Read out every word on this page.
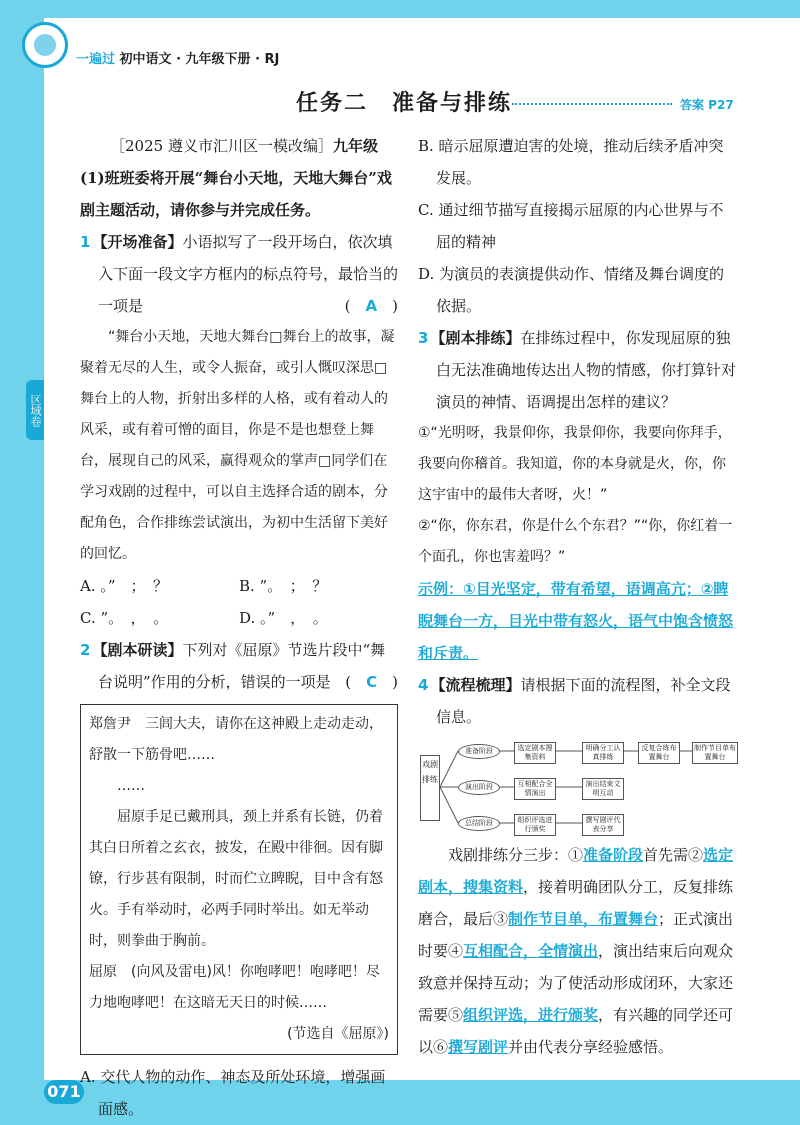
一遍过 初中语文 · 九年级下册 · RJ
区域卷
任务二　准备与排练	答案 P27

［2025 遵义市汇川区一模改编］九年级(1)班班委将开展“舞台小天地，天地大舞台”戏剧主题活动，请你参与并完成任务。

1 【开场准备】小语拟写了一段开场白，依次填入下面一段文字方框内的标点符号，最恰当的一项是	(　A　)

“舞台小天地，天地大舞台□舞台上的故事，凝聚着无尽的人生，或令人振奋，或引人慨叹深思□舞台上的人物，折射出多样的人格，或有着动人的风采，或有着可憎的面目，你是不是也想登上舞台，展现自己的风采，赢得观众的掌声□同学们在学习戏剧的过程中，可以自主选择合适的剧本，分配角色，合作排练尝试演出，为初中生活留下美好的回忆。

A. 。”　；　？	B. ”。　；　？
C. ”。　，　。	D. 。”　，　。

2 【剧本研读】下列对《屈原》节选片段中“舞台说明”作用的分析，错误的一项是 (　C　)

郑詹尹　三闾大夫，请你在这神殿上走动走动，舒散一下筋骨吧……

……

屈原手足已戴刑具，颈上并系有长链，仍着其白日所着之玄衣，披发，在殿中徘徊。因有脚镣，行步甚有限制，时而伫立睥睨，目中含有怒火。手有举动时，必两手同时举出。如无举动时，则拳曲于胸前。

屈原　(向风及雷电)风！你咆哮吧！咆哮吧！尽力地咆哮吧！在这暗无天日的时候……

(节选自《屈原》)

A. 交代人物的动作、神态及所处环境，增强画面感。

B. 暗示屈原遭迫害的处境，推动后续矛盾冲突发展。

C. 通过细节描写直接揭示屈原的内心世界与不屈的精神

D. 为演员的表演提供动作、情绪及舞台调度的依据。

3 【剧本排练】在排练过程中，你发现屈原的独白无法准确地传达出人物的情感，你打算针对演员的神情、语调提出怎样的建议？

①“光明呀，我景仰你，我景仰你，我要向你拜手，我要向你稽首。我知道，你的本身就是火，你，你这宇宙中的最伟大者呀，火！”

②“你，你东君，你是什么个东君？”“你，你红着一个面孔，你也害羞吗？”

示例：①目光坚定，带有希望，语调高亢；②睥睨舞台一方，目光中带有怒火，语气中饱含愤怒和斥责。

4 【流程梳理】请根据下面的流程图，补全文段信息。

戏剧排练
准备阶段
演出阶段
总结阶段
选定剧本搜集资料
明确分工认真排练
反复合练布置舞台
制作节目单布置舞台
互相配合全情演出
演出结束文明互动
组织评选进行颁奖
撰写剧评代表分享

戏剧排练分三步：①准备阶段首先需②选定剧本，搜集资料，接着明确团队分工，反复排练磨合，最后③制作节目单，布置舞台；正式演出时要④互相配合，全情演出，演出结束后向观众致意并保持互动；为了使活动形成闭环，大家还需要⑤组织评选，进行颁奖，有兴趣的同学还可以⑥撰写剧评并由代表分享经验感悟。

071
